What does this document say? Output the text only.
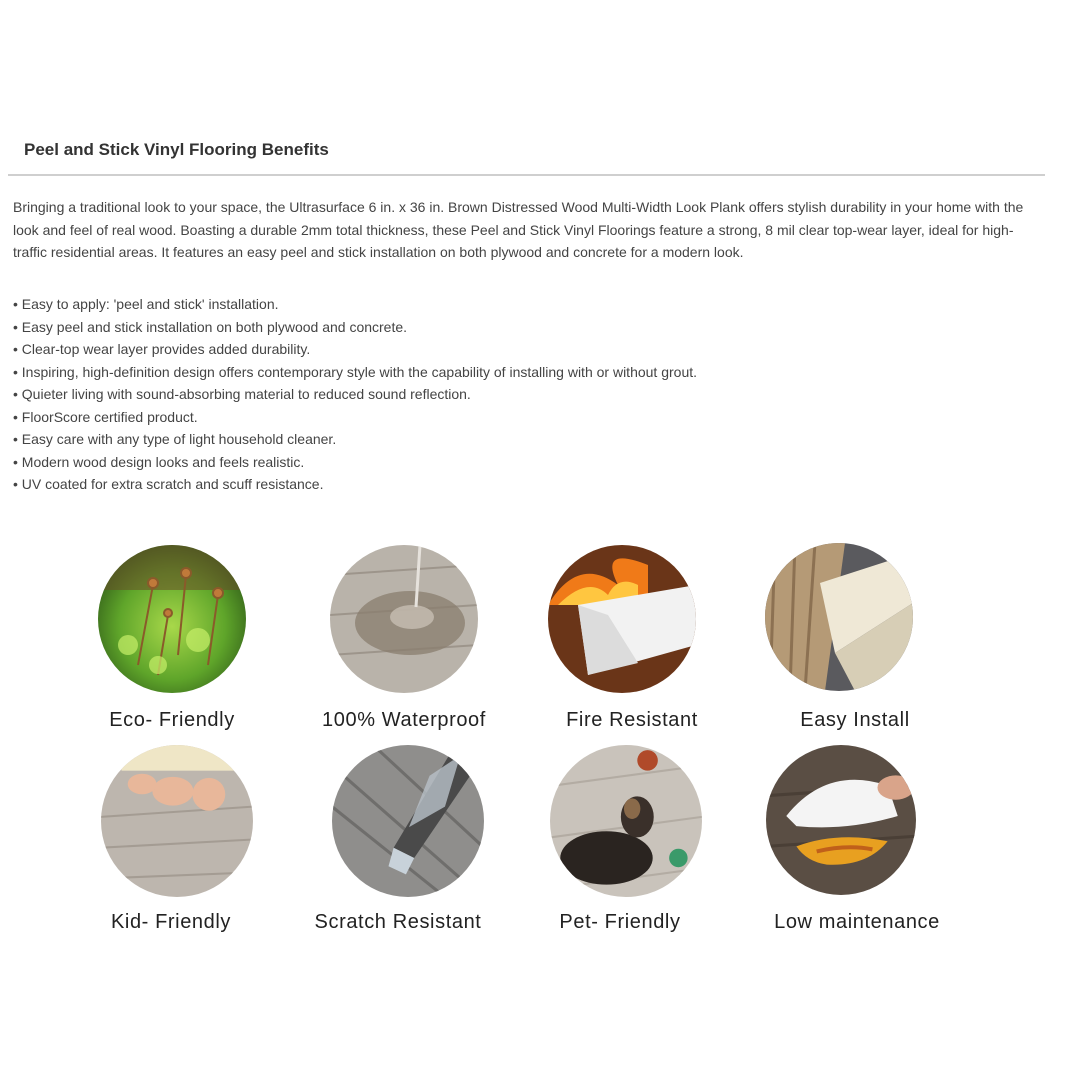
Peel and Stick Vinyl Flooring Benefits

Bringing a traditional look to your space, the Ultrasurface 6 in. x 36 in. Brown Distressed Wood Multi-Width Look Plank offers stylish durability in your home with the look and feel of real wood. Boasting a durable 2mm total thickness, these Peel and Stick Vinyl Floorings feature a strong, 8 mil clear top-wear layer, ideal for high-traffic residential areas. It features an easy peel and stick installation on both plywood and concrete for a modern look.

• Easy to apply: 'peel and stick' installation.
• Easy peel and stick installation on both plywood and concrete.
• Clear-top wear layer provides added durability.
• Inspiring, high-definition design offers contemporary style with the capability of installing with or without grout.
• Quieter living with sound-absorbing material to reduced sound reflection.
• FloorScore certified product.
• Easy care with any type of light household cleaner.
• Modern wood design looks and feels realistic.
• UV coated for extra scratch and scuff resistance.
Eco- Friendly	100% Waterproof	Fire Resistant	Easy Install
Kid- Friendly	Scratch Resistant	Pet- Friendly	Low maintenance
